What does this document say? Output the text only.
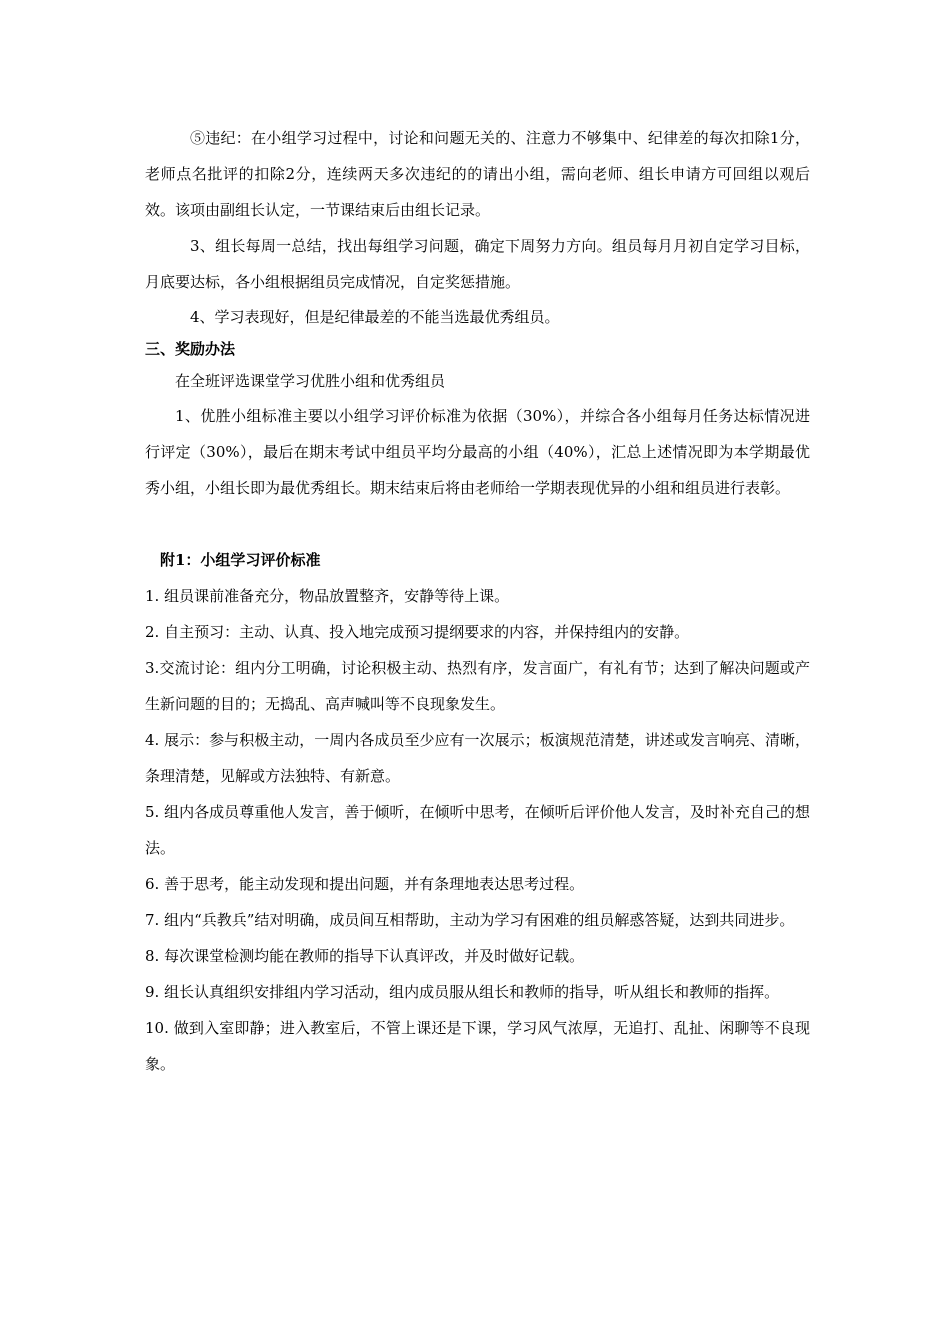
⑤违纪：在小组学习过程中，讨论和问题无关的、注意力不够集中、纪律差的每次扣除1分，老师点名批评的扣除2分，连续两天多次违纪的的请出小组，需向老师、组长申请方可回组以观后效。该项由副组长认定，一节课结束后由组长记录。

3、组长每周一总结，找出每组学习问题，确定下周努力方向。组员每月月初自定学习目标，月底要达标，各小组根据组员完成情况，自定奖惩措施。

4、学习表现好，但是纪律最差的不能当选最优秀组员。

三、奖励办法

在全班评选课堂学习优胜小组和优秀组员

1、优胜小组标准主要以小组学习评价标准为依据（30%），并综合各小组每月任务达标情况进行评定（30%），最后在期末考试中组员平均分最高的小组（40%），汇总上述情况即为本学期最优秀小组，小组长即为最优秀组长。期末结束后将由老师给一学期表现优异的小组和组员进行表彰。

附1：小组学习评价标准

1. 组员课前准备充分，物品放置整齐，安静等待上课。

2. 自主预习：主动、认真、投入地完成预习提纲要求的内容，并保持组内的安静。

3.交流讨论：组内分工明确，讨论积极主动、热烈有序，发言面广，有礼有节；达到了解决问题或产生新问题的目的；无捣乱、高声喊叫等不良现象发生。

4. 展示：参与积极主动，一周内各成员至少应有一次展示；板演规范清楚，讲述或发言响亮、清晰，条理清楚，见解或方法独特、有新意。

5. 组内各成员尊重他人发言，善于倾听，在倾听中思考，在倾听后评价他人发言，及时补充自己的想法。

6. 善于思考，能主动发现和提出问题，并有条理地表达思考过程。

7. 组内“兵教兵”结对明确，成员间互相帮助，主动为学习有困难的组员解惑答疑，达到共同进步。

8. 每次课堂检测均能在教师的指导下认真评改，并及时做好记载。

9. 组长认真组织安排组内学习活动，组内成员服从组长和教师的指导，听从组长和教师的指挥。

10. 做到入室即静；进入教室后，不管上课还是下课，学习风气浓厚，无追打、乱扯、闲聊等不良现象。
